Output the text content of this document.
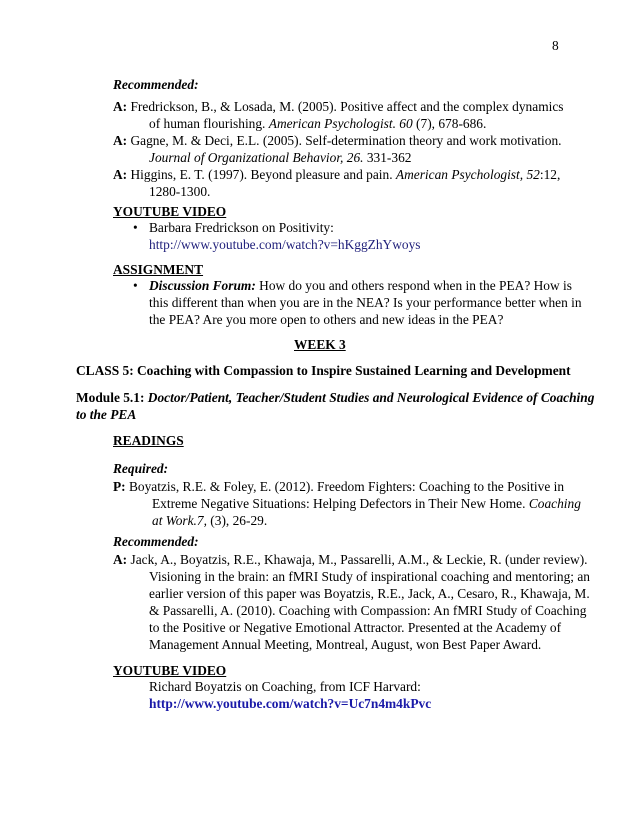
8
Recommended:
A: Fredrickson, B., & Losada, M. (2005). Positive affect and the complex dynamics
of human flourishing. American Psychologist. 60 (7), 678-686.
A: Gagne, M. & Deci, E.L. (2005). Self-determination theory and work motivation.
Journal of Organizational Behavior, 26. 331-362
A: Higgins, E. T. (1997). Beyond pleasure and pain. American Psychologist, 52:12,
1280-1300.
YOUTUBE VIDEO
• Barbara Fredrickson on Positivity:
http://www.youtube.com/watch?v=hKggZhYwoys
ASSIGNMENT
• Discussion Forum: How do you and others respond when in the PEA? How is
this different than when you are in the NEA? Is your performance better when in
the PEA? Are you more open to others and new ideas in the PEA?
WEEK 3
CLASS 5: Coaching with Compassion to Inspire Sustained Learning and Development
Module 5.1: Doctor/Patient, Teacher/Student Studies and Neurological Evidence of Coaching
to the PEA
READINGS
Required:
P: Boyatzis, R.E. & Foley, E. (2012). Freedom Fighters: Coaching to the Positive in
Extreme Negative Situations: Helping Defectors in Their New Home. Coaching
at Work.7, (3), 26-29.
Recommended:
A: Jack, A., Boyatzis, R.E., Khawaja, M., Passarelli, A.M., & Leckie, R. (under review).
Visioning in the brain: an fMRI Study of inspirational coaching and mentoring; an
earlier version of this paper was Boyatzis, R.E., Jack, A., Cesaro, R., Khawaja, M.
& Passarelli, A. (2010). Coaching with Compassion: An fMRI Study of Coaching
to the Positive or Negative Emotional Attractor. Presented at the Academy of
Management Annual Meeting, Montreal, August, won Best Paper Award.
YOUTUBE VIDEO
Richard Boyatzis on Coaching, from ICF Harvard:
http://www.youtube.com/watch?v=Uc7n4m4kPvc
